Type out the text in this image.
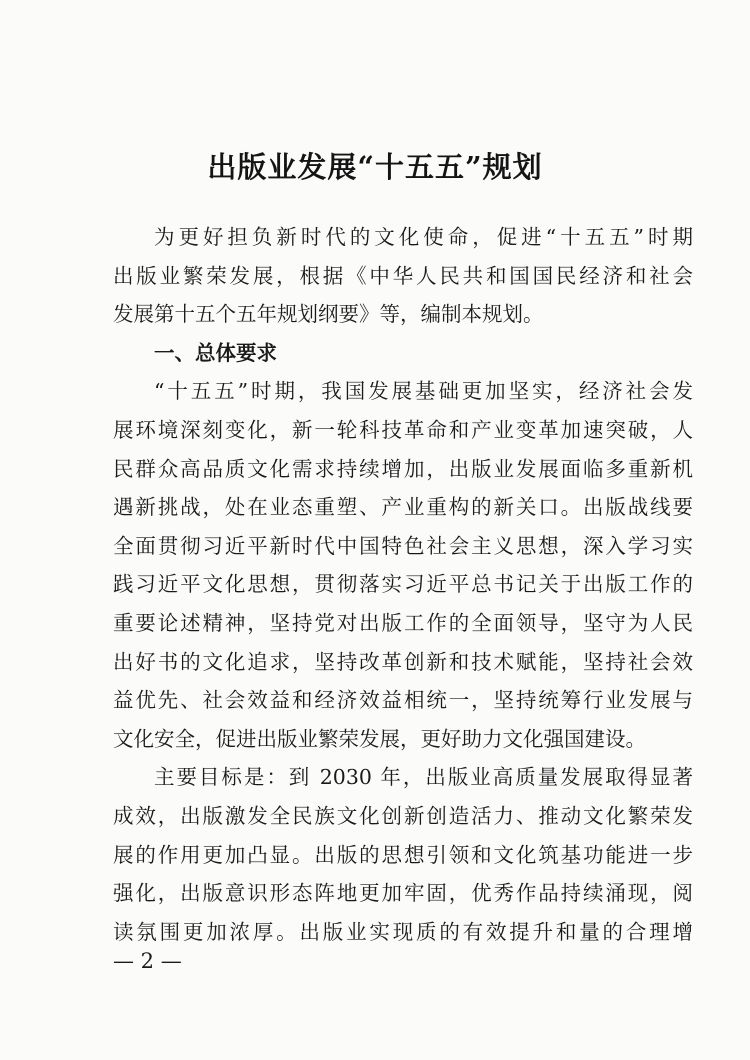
出版业发展“十五五”规划
为更好担负新时代的文化使命，促进“十五五”时期
出版业繁荣发展，根据《中华人民共和国国民经济和社会
发展第十五个五年规划纲要》等，编制本规划。
一、总体要求
“十五五”时期，我国发展基础更加坚实，经济社会发
展环境深刻变化，新一轮科技革命和产业变革加速突破，人
民群众高品质文化需求持续增加，出版业发展面临多重新机
遇新挑战，处在业态重塑、产业重构的新关口。出版战线要
全面贯彻习近平新时代中国特色社会主义思想，深入学习实
践习近平文化思想，贯彻落实习近平总书记关于出版工作的
重要论述精神，坚持党对出版工作的全面领导，坚守为人民
出好书的文化追求，坚持改革创新和技术赋能，坚持社会效
益优先、社会效益和经济效益相统一，坚持统筹行业发展与
文化安全，促进出版业繁荣发展，更好助力文化强国建设。
主要目标是：到 2030 年，出版业高质量发展取得显著
成效，出版激发全民族文化创新创造活力、推动文化繁荣发
展的作用更加凸显。出版的思想引领和文化筑基功能进一步
强化，出版意识形态阵地更加牢固，优秀作品持续涌现，阅
读氛围更加浓厚。出版业实现质的有效提升和量的合理增
— 2 —
